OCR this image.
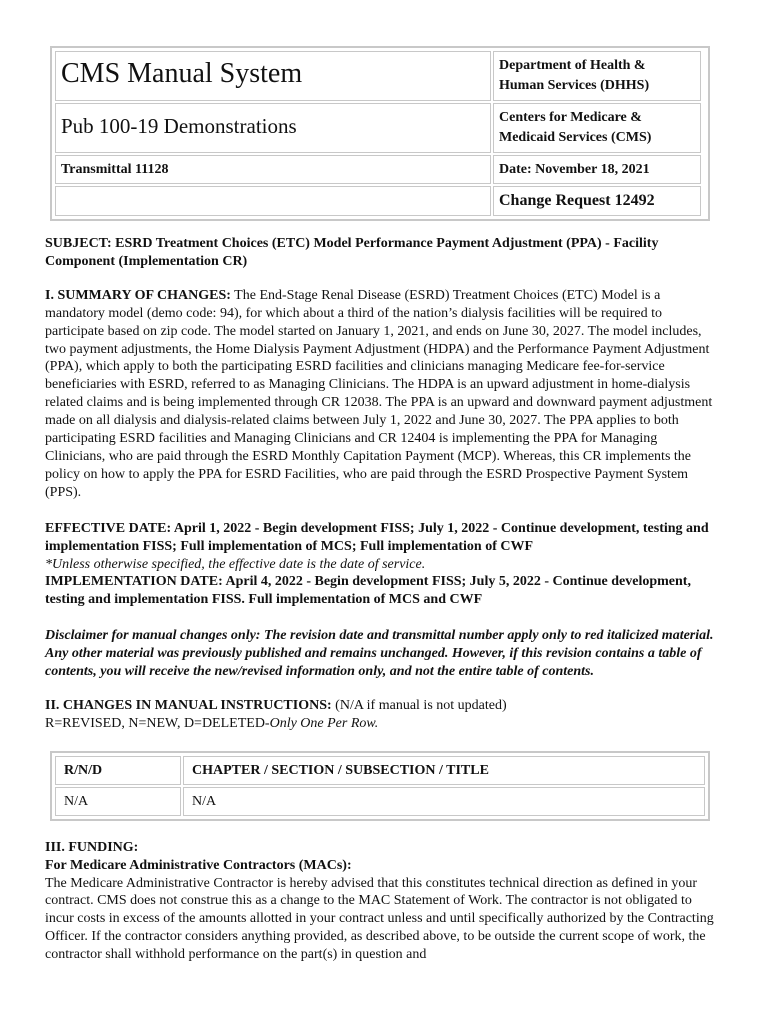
CMS Manual System	Department of Health &
Human Services (DHHS)
Pub 100-19 Demonstrations	Centers for Medicare &
Medicaid Services (CMS)
Transmittal 11128	Date: November 18, 2021
Change Request 12492

SUBJECT: ESRD Treatment Choices (ETC) Model Performance Payment Adjustment (PPA) - Facility Component (Implementation CR)

I. SUMMARY OF CHANGES: The End-Stage Renal Disease (ESRD) Treatment Choices (ETC) Model is a mandatory model (demo code: 94), for which about a third of the nation’s dialysis facilities will be required to participate based on zip code. The model started on January 1, 2021, and ends on June 30, 2027. The model includes, two payment adjustments, the Home Dialysis Payment Adjustment (HDPA) and the Performance Payment Adjustment (PPA), which apply to both the participating ESRD facilities and clinicians managing Medicare fee-for-service beneficiaries with ESRD, referred to as Managing Clinicians. The HDPA is an upward adjustment in home-dialysis related claims and is being implemented through CR 12038. The PPA is an upward and downward payment adjustment made on all dialysis and dialysis-related claims between July 1, 2022 and June 30, 2027. The PPA applies to both participating ESRD facilities and Managing Clinicians and CR 12404 is implementing the PPA for Managing Clinicians, who are paid through the ESRD Monthly Capitation Payment (MCP). Whereas, this CR implements the policy on how to apply the PPA for ESRD Facilities, who are paid through the ESRD Prospective Payment System (PPS).

EFFECTIVE DATE: April 1, 2022 - Begin development FISS; July 1, 2022 - Continue development, testing and implementation FISS; Full implementation of MCS; Full implementation of CWF

*Unless otherwise specified, the effective date is the date of service.

IMPLEMENTATION DATE: April 4, 2022 - Begin development FISS; July 5, 2022 - Continue development, testing and implementation FISS. Full implementation of MCS and CWF

Disclaimer for manual changes only: The revision date and transmittal number apply only to red italicized material. Any other material was previously published and remains unchanged. However, if this revision contains a table of contents, you will receive the new/revised information only, and not the entire table of contents.

II. CHANGES IN MANUAL INSTRUCTIONS: (N/A if manual is not updated)

R=REVISED, N=NEW, D=DELETED-Only One Per Row.

R/N/D	CHAPTER / SECTION / SUBSECTION / TITLE
N/A	N/A

III. FUNDING:

For Medicare Administrative Contractors (MACs):

The Medicare Administrative Contractor is hereby advised that this constitutes technical direction as defined in your contract. CMS does not construe this as a change to the MAC Statement of Work. The contractor is not obligated to incur costs in excess of the amounts allotted in your contract unless and until specifically authorized by the Contracting Officer. If the contractor considers anything provided, as described above, to be outside the current scope of work, the contractor shall withhold performance on the part(s) in question and
